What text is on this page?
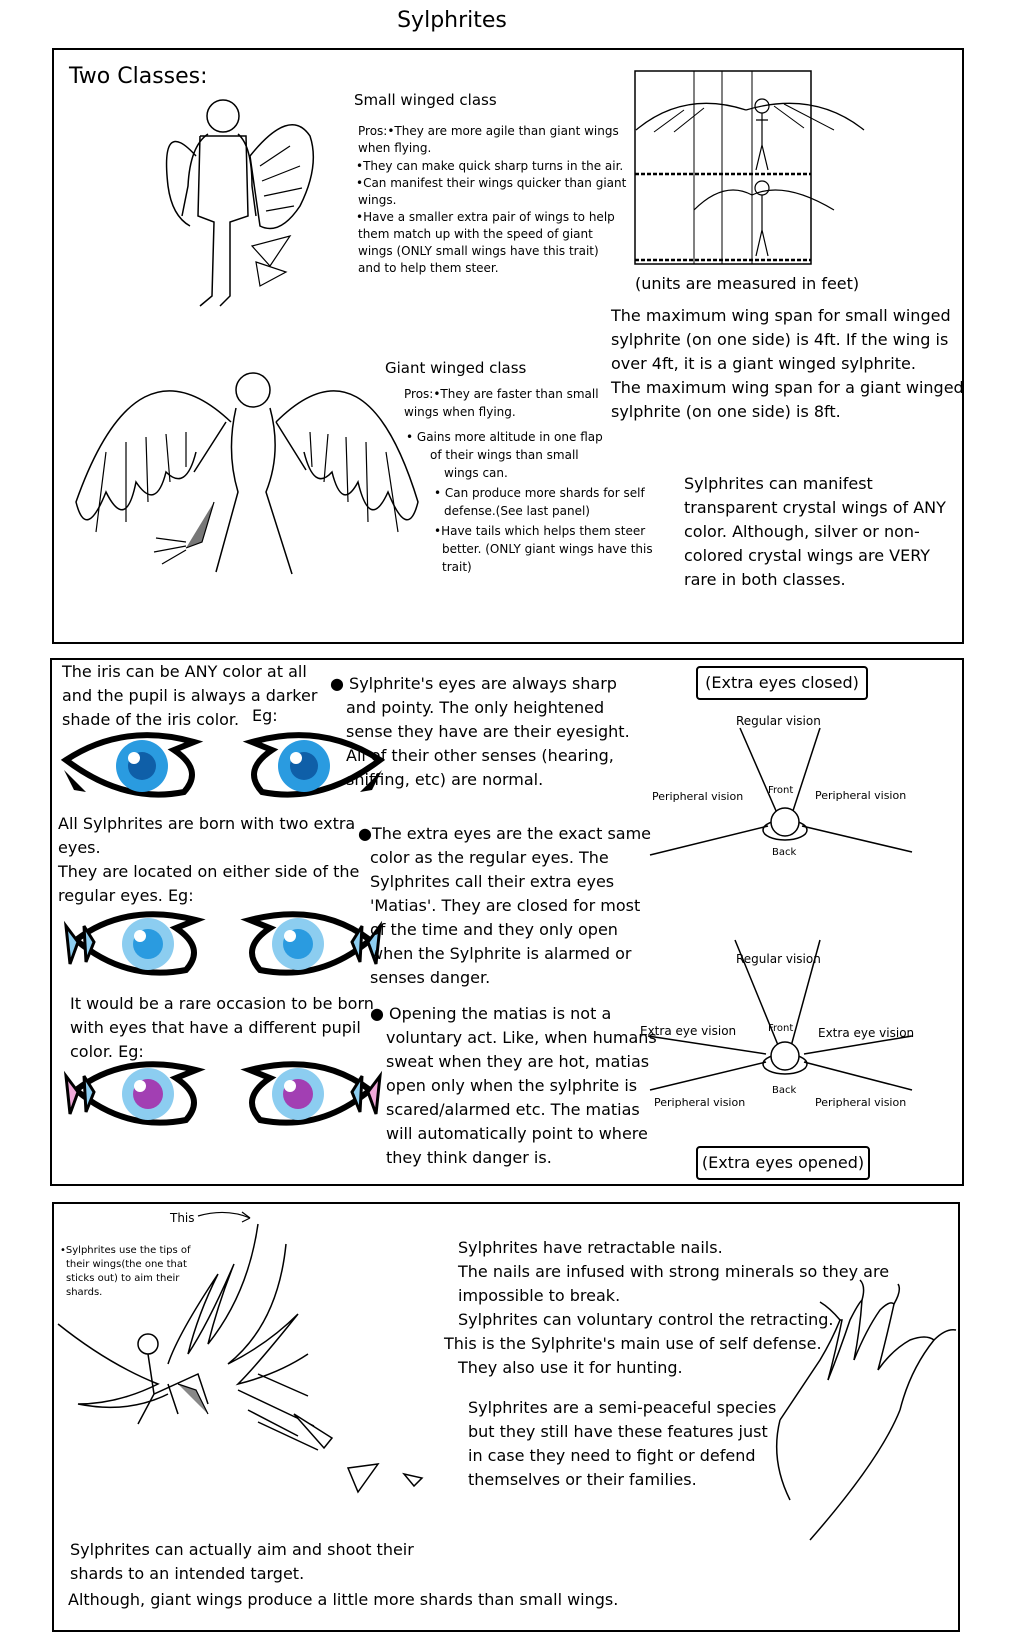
Sylphrites
Two Classes:
Small winged class
Pros:•They are more agile than giant wings
when flying.
•They can make quick sharp turns in the air.
•Can manifest their wings quicker than giant
wings.
•Have a smaller extra pair of wings to help
them match up with the speed of giant
wings (ONLY small wings have this trait)
and to help them steer.
(units are measured in feet)
The maximum wing span for small winged
sylphrite (on one side) is 4ft. If the wing is
over 4ft, it is a giant winged sylphrite.
The maximum wing span for a giant winged
sylphrite (on one side) is 8ft.
Giant winged class
Pros:•They are faster than small
wings when flying.
• Gains more altitude in one flap
of their wings than small
wings can.
• Can produce more shards for self
defense.(See last panel)
•Have tails which helps them steer
better. (ONLY giant wings have this
trait)
Sylphrites can manifest
transparent crystal wings of ANY
color. Although, silver or non-
colored crystal wings are VERY
rare in both classes.
The iris can be ANY color at all
and the pupil is always a darker
shade of the iris color. Eg:
● Sylphrite's eyes are always sharp
and pointy. The only heightened
sense they have are their eyesight.
All of their other senses (hearing,
sniffing, etc) are normal.
All Sylphrites are born with two extra
eyes.
They are located on either side of the
regular eyes. Eg:
●The extra eyes are the exact same
color as the regular eyes. The
Sylphrites call their extra eyes
'Matias'. They are closed for most
of the time and they only open
when the Sylphrite is alarmed or
senses danger.
It would be a rare occasion to be born
with eyes that have a different pupil
color. Eg:
● Opening the matias is not a
voluntary act. Like, when humans
sweat when they are hot, matias
open only when the sylphrite is
scared/alarmed etc. The matias
will automatically point to where
they think danger is.
(Extra eyes closed)
Regular vision
Front
Back
Peripheral vision	Peripheral vision
Regular vision
Front
Back
Extra eye vision	Extra eye vision
Peripheral vision	Peripheral vision
(Extra eyes opened)
This
•Sylphrites use the tips of
their wings(the one that
sticks out) to aim their
shards.
Sylphrites have retractable nails.
The nails are infused with strong minerals so they are
impossible to break.
Sylphrites can voluntary control the retracting.
This is the Sylphrite's main use of self defense.
They also use it for hunting.
Sylphrites are a semi-peaceful species
but they still have these features just
in case they need to fight or defend
themselves or their families.
Sylphrites can actually aim and shoot their
shards to an intended target.
Although, giant wings produce a little more shards than small wings.
